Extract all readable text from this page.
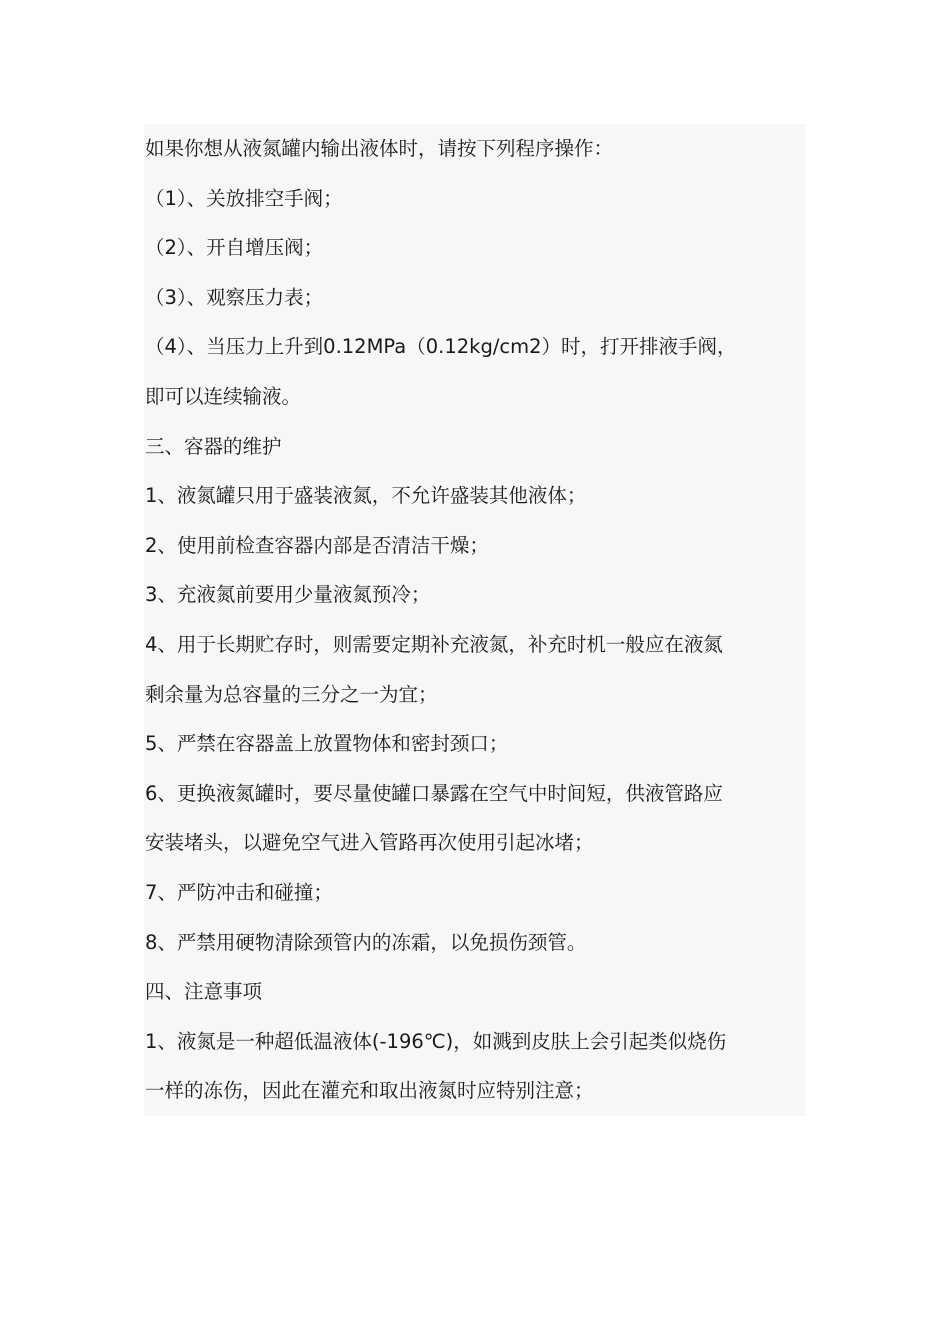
如果你想从液氮罐内输出液体时，请按下列程序操作：

（1）、关放排空手阀；

（2）、开自增压阀；

（3）、观察压力表；

（4）、当压力上升到0.12MPa（0.12kg/cm2）时，打开排液手阀，

即可以连续输液。

三、容器的维护

1、液氮罐只用于盛装液氮，不允许盛装其他液体；

2、使用前检查容器内部是否清洁干燥；

3、充液氮前要用少量液氮预冷；

4、用于长期贮存时，则需要定期补充液氮，补充时机一般应在液氮

剩余量为总容量的三分之一为宜；

5、严禁在容器盖上放置物体和密封颈口；

6、更换液氮罐时，要尽量使罐口暴露在空气中时间短，供液管路应

安装堵头，以避免空气进入管路再次使用引起冰堵；

7、严防冲击和碰撞；

8、严禁用硬物清除颈管内的冻霜，以免损伤颈管。

四、注意事项

1、液氮是一种超低温液体(-196℃)，如溅到皮肤上会引起类似烧伤

一样的冻伤，因此在灌充和取出液氮时应特别注意；
